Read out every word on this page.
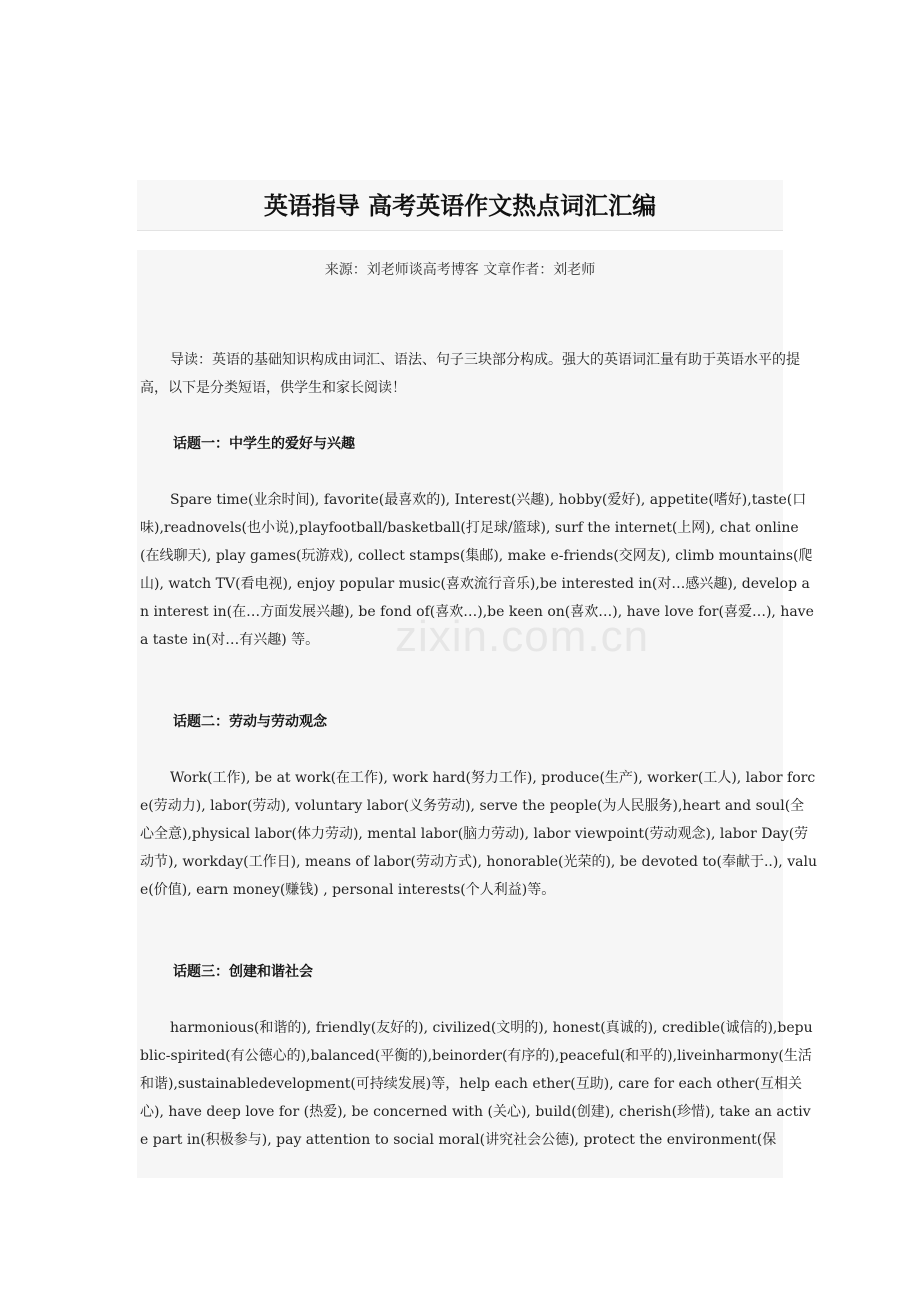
英语指导 高考英语作文热点词汇汇编

来源：刘老师谈高考博客 文章作者：刘老师

导读：英语的基础知识构成由词汇、语法、句子三块部分构成。强大的英语词汇量有助于英语水平的提高，以下是分类短语，供学生和家长阅读！

话题一：中学生的爱好与兴趣

Spare time(业余时间), favorite(最喜欢的), Interest(兴趣), hobby(爱好), appetite(嗜好),taste(口味),readnovels(也小说),playfootball/basketball(打足球/篮球), surf the internet(上网), chat online(在线聊天), play games(玩游戏), collect stamps(集邮), make e-friends(交网友), climb mountains(爬山), watch TV(看电视), enjoy popular music(喜欢流行音乐),be interested in(对…感兴趣), develop an interest in(在…方面发展兴趣), be fond of(喜欢…),be keen on(喜欢…), have love for(喜爱…), have a taste in(对…有兴趣) 等。

话题二：劳动与劳动观念

Work(工作), be at work(在工作), work hard(努力工作), produce(生产), worker(工人), labor force(劳动力), labor(劳动), voluntary labor(义务劳动), serve the people(为人民服务),heart and soul(全心全意),physical labor(体力劳动), mental labor(脑力劳动), labor viewpoint(劳动观念), labor Day(劳动节), workday(工作日), means of labor(劳动方式), honorable(光荣的), be devoted to(奉献于..), value(价值), earn money(赚钱) , personal interests(个人利益)等。

话题三：创建和谐社会

harmonious(和谐的), friendly(友好的), civilized(文明的), honest(真诚的), credible(诚信的),bepublic-spirited(有公德心的),balanced(平衡的),beinorder(有序的),peaceful(和平的),liveinharmony(生活和谐),sustainabledevelopment(可持续发展)等，help each ether(互助), care for each other(互相关心), have deep love for (热爱), be concerned with (关心), build(创建), cherish(珍惜), take an active part in(积极参与), pay attention to social moral(讲究社会公德), protect the environment(保

zixin.com.cn
